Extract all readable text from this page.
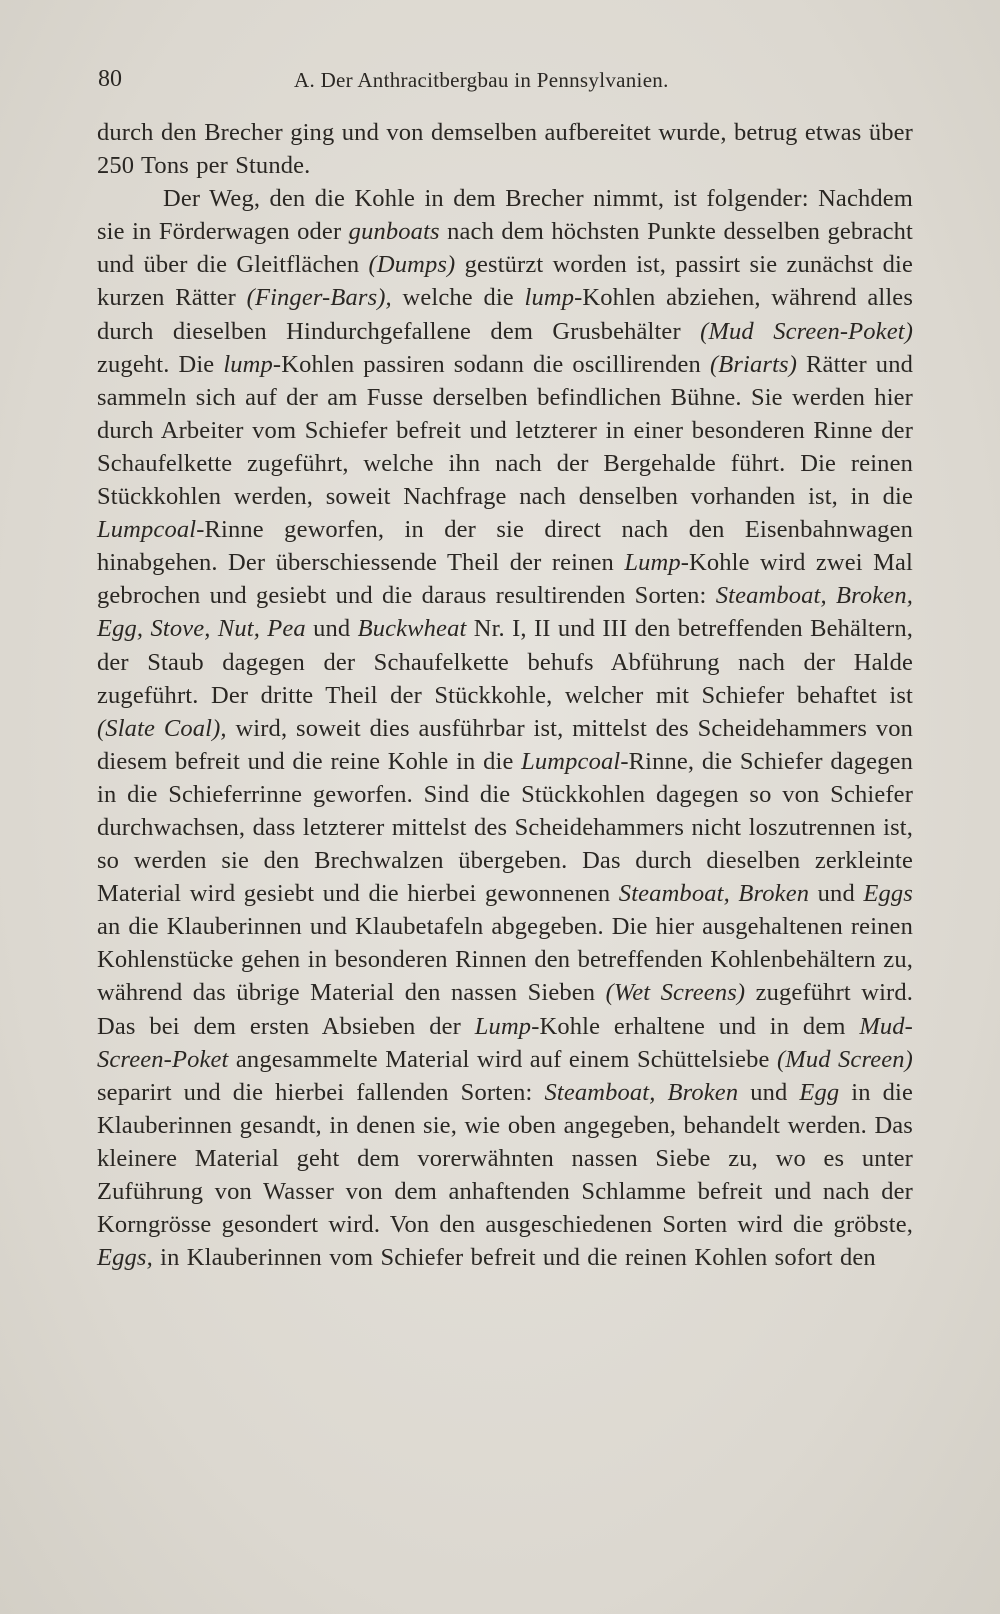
80	A. Der Anthracitbergbau in Pennsylvanien.

durch den Brecher ging und von demselben aufbereitet wurde, betrug etwas über 250 Tons per Stunde.

Der Weg, den die Kohle in dem Brecher nimmt, ist folgender: Nachdem sie in Förderwagen oder gunboats nach dem höchsten Punkte desselben gebracht und über die Gleitflächen (Dumps) gestürzt worden ist, passirt sie zunächst die kurzen Rätter (Finger-Bars), welche die lump-Kohlen abziehen, während alles durch dieselben Hindurchgefallene dem Grusbehälter (Mud Screen-Poket) zugeht. Die lump-Kohlen passiren sodann die oscillirenden (Briarts) Rätter und sammeln sich auf der am Fusse derselben befindlichen Bühne. Sie werden hier durch Arbeiter vom Schiefer befreit und letzterer in einer besonderen Rinne der Schaufelkette zugeführt, welche ihn nach der Bergehalde führt. Die reinen Stückkohlen werden, soweit Nachfrage nach denselben vorhanden ist, in die Lumpcoal-Rinne geworfen, in der sie direct nach den Eisenbahnwagen hinabgehen. Der überschiessende Theil der reinen Lump-Kohle wird zwei Mal gebrochen und gesiebt und die daraus resultirenden Sorten: Steamboat, Broken, Egg, Stove, Nut, Pea und Buckwheat Nr. I, II und III den betreffenden Behältern, der Staub dagegen der Schaufelkette behufs Abführung nach der Halde zugeführt. Der dritte Theil der Stückkohle, welcher mit Schiefer behaftet ist (Slate Coal), wird, soweit dies ausführbar ist, mittelst des Scheidehammers von diesem befreit und die reine Kohle in die Lumpcoal-Rinne, die Schiefer dagegen in die Schieferrinne geworfen. Sind die Stückkohlen dagegen so von Schiefer durchwachsen, dass letzterer mittelst des Scheidehammers nicht loszutrennen ist, so werden sie den Brechwalzen übergeben. Das durch dieselben zerkleinte Material wird gesiebt und die hierbei gewonnenen Steamboat, Broken und Eggs an die Klauberinnen und Klaubetafeln abgegeben. Die hier ausgehaltenen reinen Kohlenstücke gehen in besonderen Rinnen den betreffenden Kohlenbehältern zu, während das übrige Material den nassen Sieben (Wet Screens) zugeführt wird. Das bei dem ersten Absieben der Lump-Kohle erhaltene und in dem Mud-Screen-Poket angesammelte Material wird auf einem Schüttelsiebe (Mud Screen) separirt und die hierbei fallenden Sorten: Steamboat, Broken und Egg in die Klauberinnen gesandt, in denen sie, wie oben angegeben, behandelt werden. Das kleinere Material geht dem vorerwähnten nassen Siebe zu, wo es unter Zuführung von Wasser von dem anhaftenden Schlamme befreit und nach der Korngrösse gesondert wird. Von den ausgeschiedenen Sorten wird die gröbste, Eggs, in Klauberinnen vom Schiefer befreit und die reinen Kohlen sofort den
